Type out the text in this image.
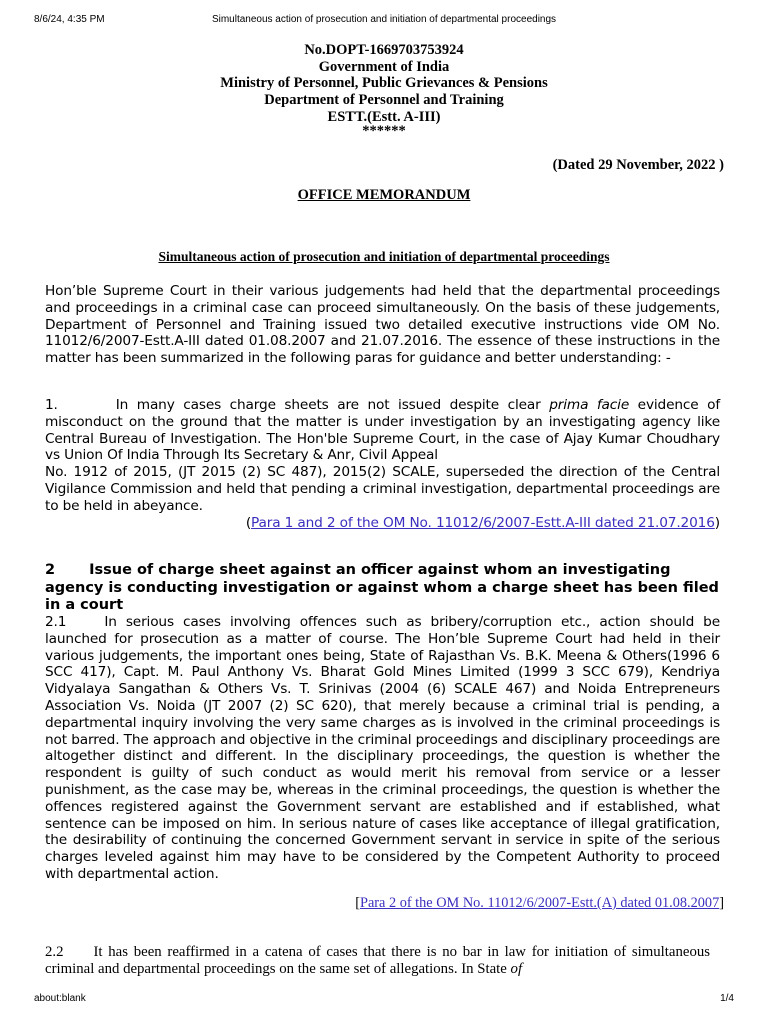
8/6/24, 4:35 PM	Simultaneous action of prosecution and initiation of departmental proceedings
No.DOPT-1669703753924
Government of India
Ministry of Personnel, Public Grievances & Pensions
Department of Personnel and Training
ESTT.(Estt. A-III)
******
(Dated 29 November, 2022 )
OFFICE MEMORANDUM
Simultaneous action of prosecution and initiation of departmental proceedings
Hon’ble Supreme Court in their various judgements had held that the departmental proceedings and proceedings in a criminal case can proceed simultaneously. On the basis of these judgements, Department of Personnel and Training issued two detailed executive instructions vide OM No. 11012/6/2007-Estt.A-III dated 01.08.2007 and 21.07.2016. The essence of these instructions in the matter has been summarized in the following paras for guidance and better understanding: -
1.	In many cases charge sheets are not issued despite clear prima facie evidence of misconduct on the ground that the matter is under investigation by an investigating agency like Central Bureau of Investigation. The Hon'ble Supreme Court, in the case of Ajay Kumar Choudhary vs Union Of India Through Its Secretary & Anr, Civil Appeal
No. 1912 of 2015, (JT 2015 (2) SC 487), 2015(2) SCALE, superseded the direction of the Central Vigilance Commission and held that pending a criminal investigation, departmental proceedings are to be held in abeyance.
(Para 1 and 2 of the OM No. 11012/6/2007-Estt.A-III dated 21.07.2016)
2 Issue of charge sheet against an officer against whom an investigating agency is conducting investigation or against whom a charge sheet has been filed in a court
2.1	In serious cases involving offences such as bribery/corruption etc., action should be launched for prosecution as a matter of course. The Hon’ble Supreme Court had held in their various judgements, the important ones being, State of Rajasthan Vs. B.K. Meena & Others(1996 6 SCC 417), Capt. M. Paul Anthony Vs. Bharat Gold Mines Limited (1999 3 SCC 679), Kendriya Vidyalaya Sangathan & Others Vs. T. Srinivas (2004 (6) SCALE 467) and Noida Entrepreneurs Association Vs. Noida (JT 2007 (2) SC 620), that merely because a criminal trial is pending, a departmental inquiry involving the very same charges as is involved in the criminal proceedings is not barred. The approach and objective in the criminal proceedings and disciplinary proceedings are altogether distinct and different. In the disciplinary proceedings, the question is whether the respondent is guilty of such conduct as would merit his removal from service or a lesser punishment, as the case may be, whereas in the criminal proceedings, the question is whether the offences registered against the Government servant are established and if established, what sentence can be imposed on him. In serious nature of cases like acceptance of illegal gratification, the desirability of continuing the concerned Government servant in service in spite of the serious charges leveled against him may have to be considered by the Competent Authority to proceed with departmental action.
[Para 2 of the OM No. 11012/6/2007-Estt.(A) dated 01.08.2007]
2.2 It has been reaffirmed in a catena of cases that there is no bar in law for initiation of simultaneous criminal and departmental proceedings on the same set of allegations. In State of
about:blank	1/4
